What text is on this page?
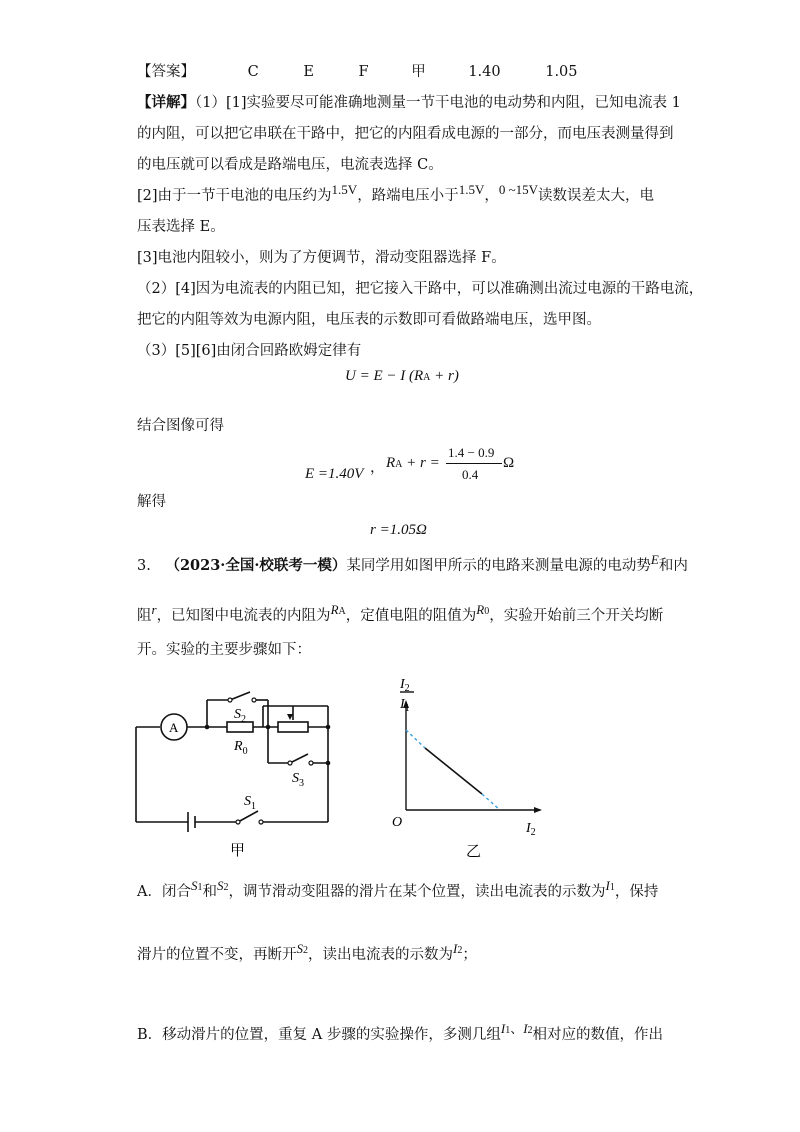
【答案】	C	E	F	甲	1.40	1.05
【详解】（1）[1]实验要尽可能准确地测量一节干电池的电动势和内阻，已知电流表 1
的内阻，可以把它串联在干路中，把它的内阻看成电源的一部分，而电压表测量得到
的电压就可以看成是路端电压，电流表选择 C。
[2]由于一节干电池的电压约为1.5V，路端电压小于1.5V，0 ~15V读数误差太大，电
压表选择 E。
[3]电池内阻较小，则为了方便调节，滑动变阻器选择 F。
（2）[4]因为电流表的内阻已知，把它接入干路中，可以准确测出流过电源的干路电流，
把它的内阻等效为电源内阻，电压表的示数即可看做路端电压，选甲图。
（3）[5][6]由闭合回路欧姆定律有
U = E − I (RA + r)
结合图像可得
E =1.40V ， RA + r =
1.4 − 0.9
0.4
Ω
解得
r =1.05Ω
3. （2023·全国·校联考一模）某同学用如图甲所示的电路来测量电源的电动势E和内
阻r，已知图中电流表的内阻为RA，定值电阻的阻值为R0，实验开始前三个开关均断
开。实验的主要步骤如下：
A
$S_2$
$R_0$
$S_3$
$S_1$
甲
$I_2$
$I_1$
O	$I_2$
乙
A．闭合S1和S2，调节滑动变阻器的滑片在某个位置，读出电流表的示数为I1，保持
滑片的位置不变，再断开S2，读出电流表的示数为I2；
B．移动滑片的位置，重复 A 步骤的实验操作，多测几组I1、I2相对应的数值，作出
